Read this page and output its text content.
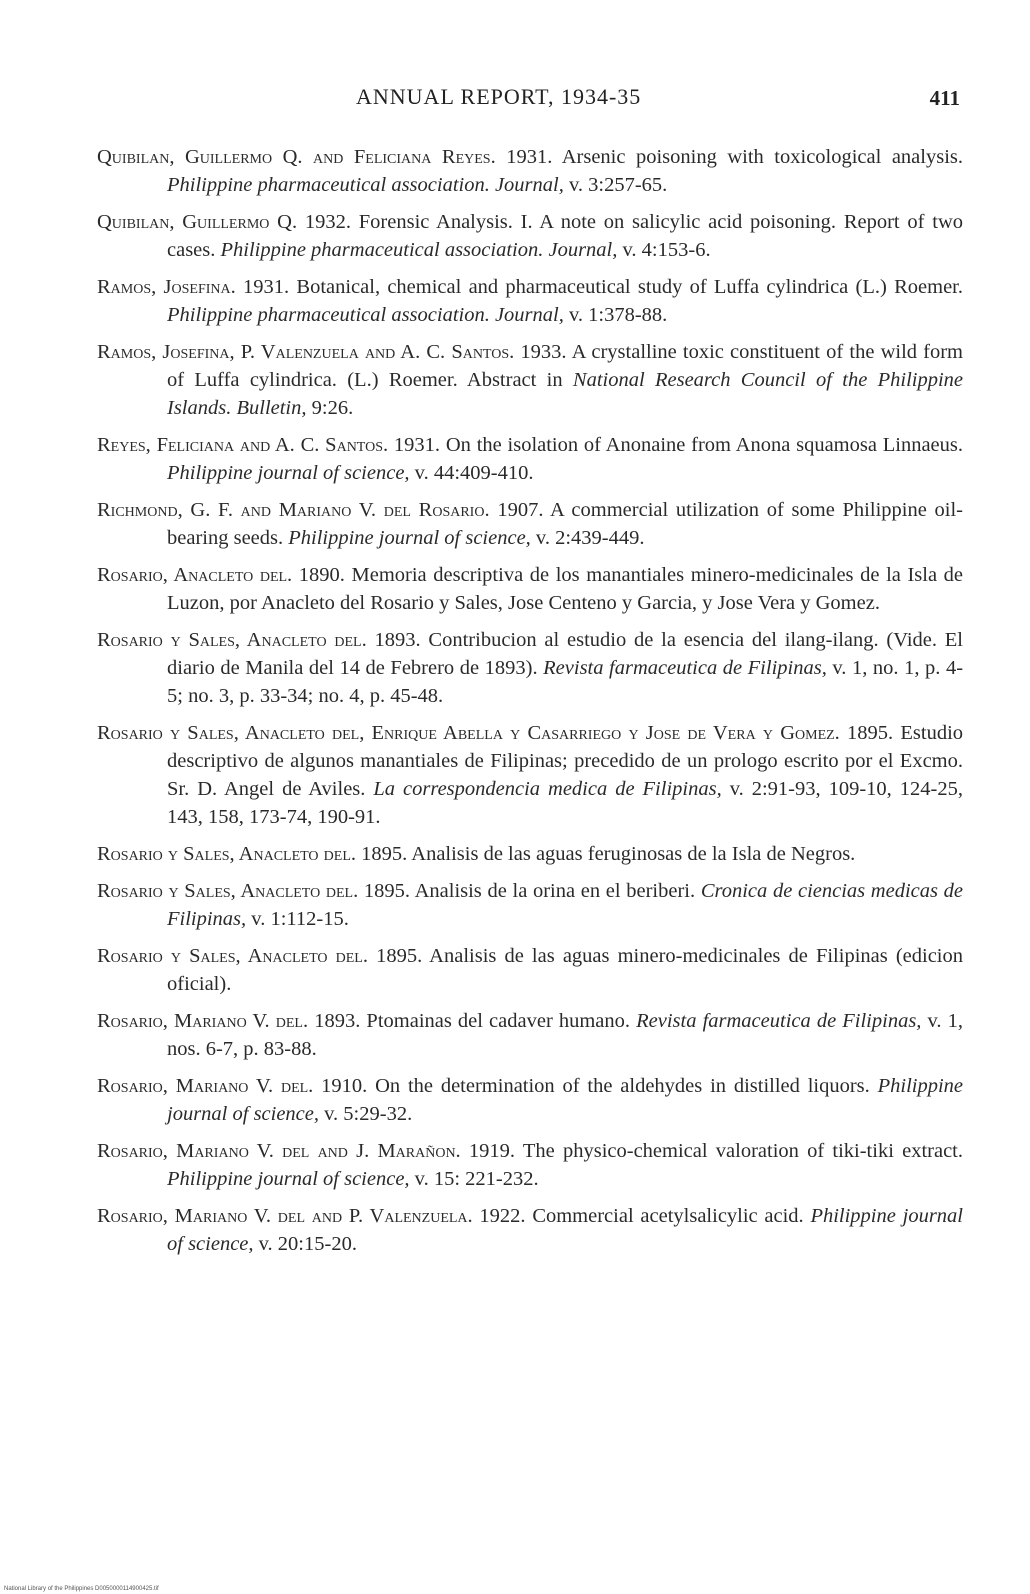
ANNUAL REPORT, 1934-35	411
Quibilan, Guillermo Q. and Feliciana Reyes. 1931. Arsenic poisoning with toxicological analysis. Philippine pharmaceutical association. Journal, v. 3:257-65.
Quibilan, Guillermo Q. 1932. Forensic Analysis. I. A note on salicylic acid poisoning. Report of two cases. Philippine pharmaceutical association. Journal, v. 4:153-6.
Ramos, Josefina. 1931. Botanical, chemical and pharmaceutical study of Luffa cylindrica (L.) Roemer. Philippine pharmaceutical association. Journal, v. 1:378-88.
Ramos, Josefina, P. Valenzuela and A. C. Santos. 1933. A crystalline toxic constituent of the wild form of Luffa cylindrica. (L.) Roemer. Abstract in National Research Council of the Philippine Islands. Bulletin, 9:26.
Reyes, Feliciana and A. C. Santos. 1931. On the isolation of Anonaine from Anona squamosa Linnaeus. Philippine journal of science, v. 44:409-410.
Richmond, G. F. and Mariano V. del Rosario. 1907. A commercial utilization of some Philippine oil-bearing seeds. Philippine journal of science, v. 2:439-449.
Rosario, Anacleto del. 1890. Memoria descriptiva de los manantiales minero-medicinales de la Isla de Luzon, por Anacleto del Rosario y Sales, Jose Centeno y Garcia, y Jose Vera y Gomez.
Rosario y Sales, Anacleto del. 1893. Contribucion al estudio de la esencia del ilang-ilang. (Vide. El diario de Manila del 14 de Febrero de 1893). Revista farmaceutica de Filipinas, v. 1, no. 1, p. 4-5; no. 3, p. 33-34; no. 4, p. 45-48.
Rosario y Sales, Anacleto del, Enrique Abella y Casarriego y Jose de Vera y Gomez. 1895. Estudio descriptivo de algunos manantiales de Filipinas; precedido de un prologo escrito por el Excmo. Sr. D. Angel de Aviles. La correspondencia medica de Filipinas, v. 2:91-93, 109-10, 124-25, 143, 158, 173-74, 190-91.
Rosario y Sales, Anacleto del. 1895. Analisis de las aguas feruginosas de la Isla de Negros.
Rosario y Sales, Anacleto del. 1895. Analisis de la orina en el beriberi. Cronica de ciencias medicas de Filipinas, v. 1:112-15.
Rosario y Sales, Anacleto del. 1895. Analisis de las aguas minero-medicinales de Filipinas (edicion oficial).
Rosario, Mariano V. del. 1893. Ptomainas del cadaver humano. Revista farmaceutica de Filipinas, v. 1, nos. 6-7, p. 83-88.
Rosario, Mariano V. del. 1910. On the determination of the aldehydes in distilled liquors. Philippine journal of science, v. 5:29-32.
Rosario, Mariano V. del and J. Marañon. 1919. The physico-chemical valoration of tiki-tiki extract. Philippine journal of science, v. 15: 221-232.
Rosario, Mariano V. del and P. Valenzuela. 1922. Commercial acetylsalicylic acid. Philippine journal of science, v. 20:15-20.
National Library of the Philippines D0050000114900425.tif
